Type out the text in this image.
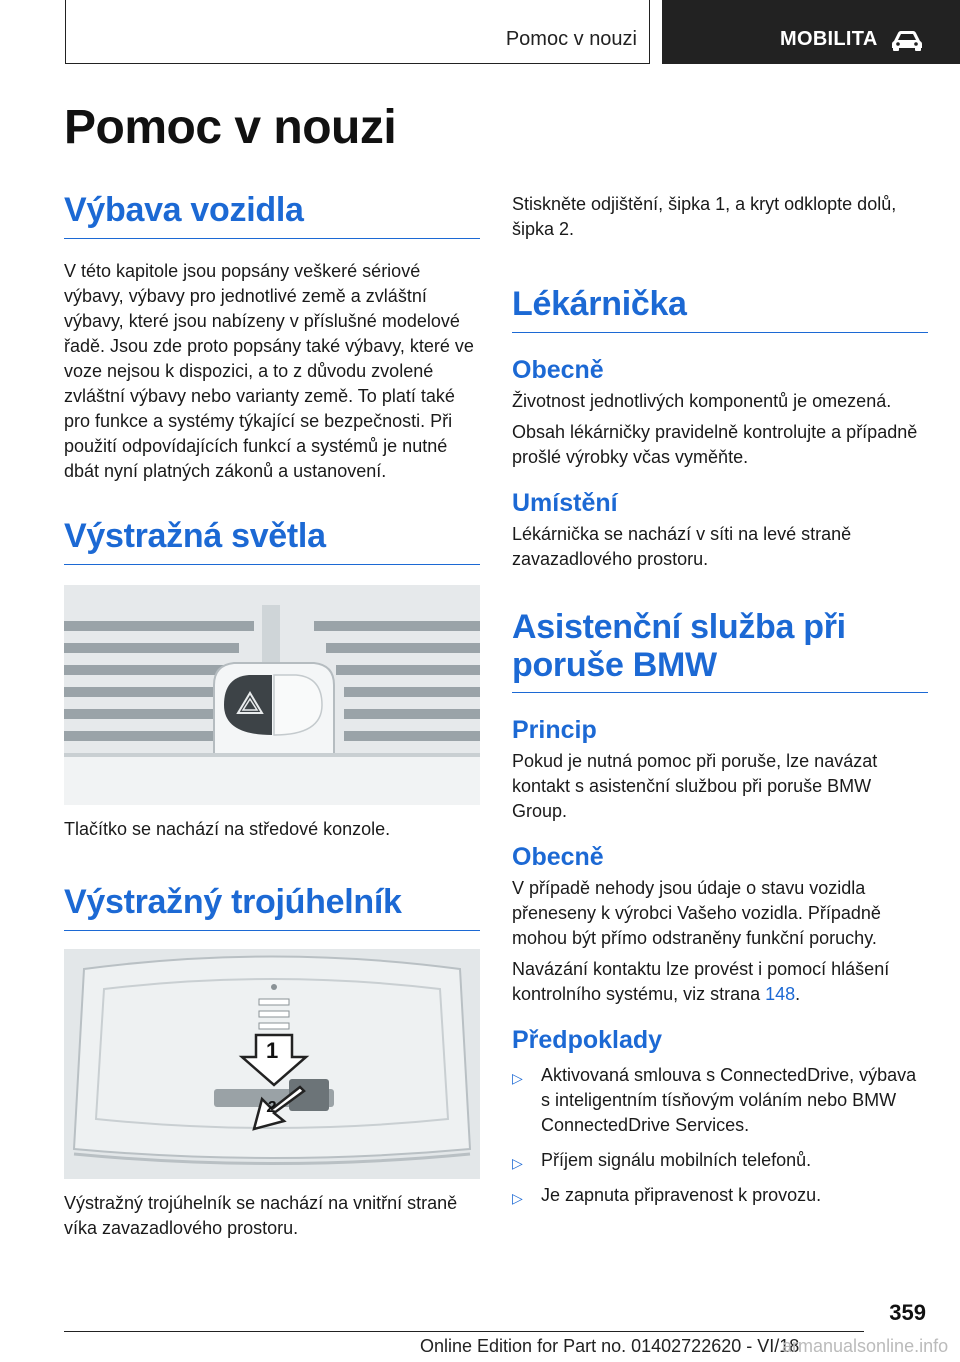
Pomoc v nouzi	MOBILITA
Pomoc v nouzi
Výbava vozidla

V této kapitole jsou popsány veškeré sériové výbavy, výbavy pro jednotlivé země a zvláštní výbavy, které jsou nabízeny v příslušné modelové řadě. Jsou zde proto popsány také výbavy, které ve voze nejsou k dispozici, a to z důvodu zvolené zvláštní výbavy nebo varianty země. To platí také pro funkce a systémy týkající se bezpečnosti. Při použití odpovídajících funkcí a systémů je nutné dbát nyní platných zákonů a ustanovení.

Výstražná světla

Tlačítko se nachází na středové konzole.

Výstražný trojúhelník
1
2

Výstražný trojúhelník se nachází na vnitřní straně víka zavazadlového prostoru.

Stiskněte odjištění, šipka 1, a kryt odklopte dolů, šipka 2.

Lékárnička
Obecně

Životnost jednotlivých komponentů je omezená.

Obsah lékárničky pravidelně kontrolujte a případně prošlé výrobky včas vyměňte.

Umístění

Lékárnička se nachází v síti na levé straně zavazadlového prostoru.

Asistenční služba při
poruše BMW
Princip

Pokud je nutná pomoc při poruše, lze navázat kontakt s asistenční službou při poruše BMW Group.

Obecně

V případě nehody jsou údaje o stavu vozidla přeneseny k výrobci Vašeho vozidla. Případně mohou být přímo odstraněny funkční poruchy.

Navázání kontaktu lze provést i pomocí hlášení kontrolního systému, viz strana 148.

Předpoklady
▷ Aktivovaná smlouva s ConnectedDrive, výbava s inteligentním tísňovým voláním nebo BMW ConnectedDrive Services.
▷ Příjem signálu mobilních telefonů.
▷ Je zapnuta připravenost k provozu.
359
Online Edition for Part no. 01402722620 - VI/18
armanualsonline.info
